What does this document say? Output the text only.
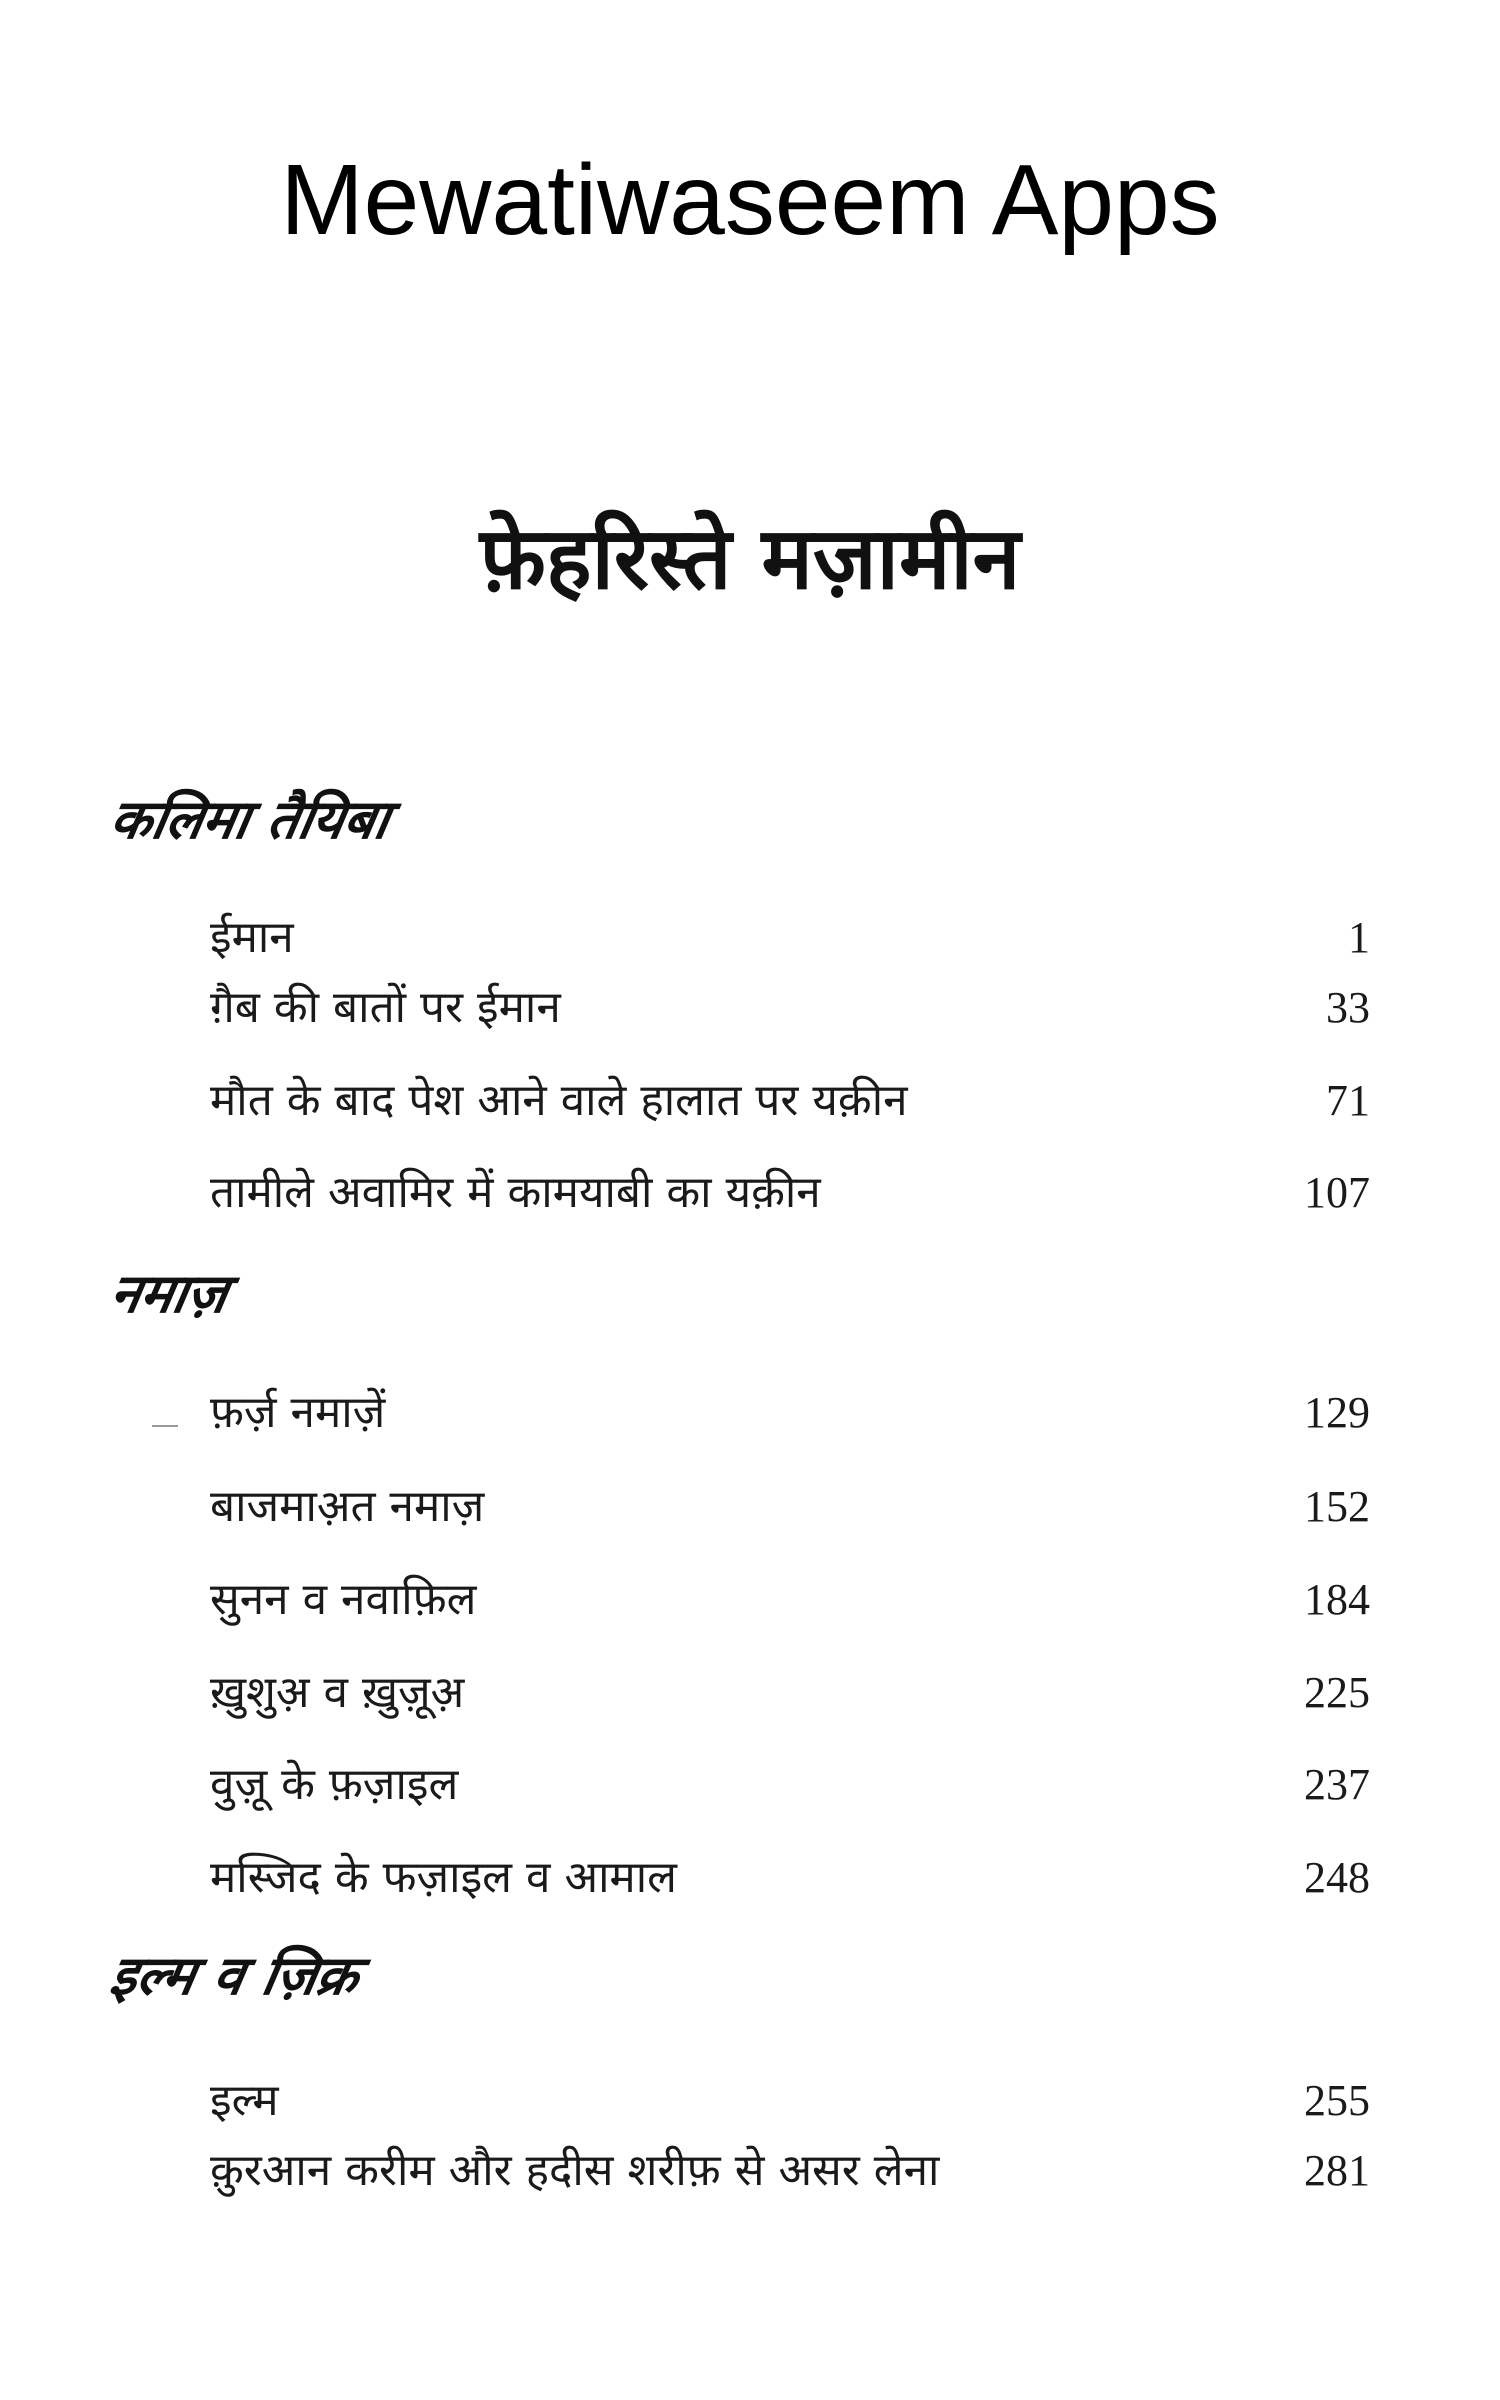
Mewatiwaseem Apps
फ़ेहरिस्ते मज़ामीन
कलिमा तैयिबा
ईमान	1
ग़ैब की बातों पर ईमान	33
मौत के बाद पेश आने वाले हालात पर यक़ीन	71
तामीले अवामिर में कामयाबी का यक़ीन	107
नमाज़
फ़र्ज़ नमाज़ें	129
बाजमाअ़त नमाज़	152
सुनन व नवाफ़िल	184
ख़ुशुअ़ व ख़ुज़ूअ़	225
वुज़ू के फ़ज़ाइल	237
मस्जिद के फज़ाइल व आमाल	248
इल्म व ज़िक्र
इल्म	255
क़ुरआन करीम और हदीस शरीफ़ से असर लेना	281
